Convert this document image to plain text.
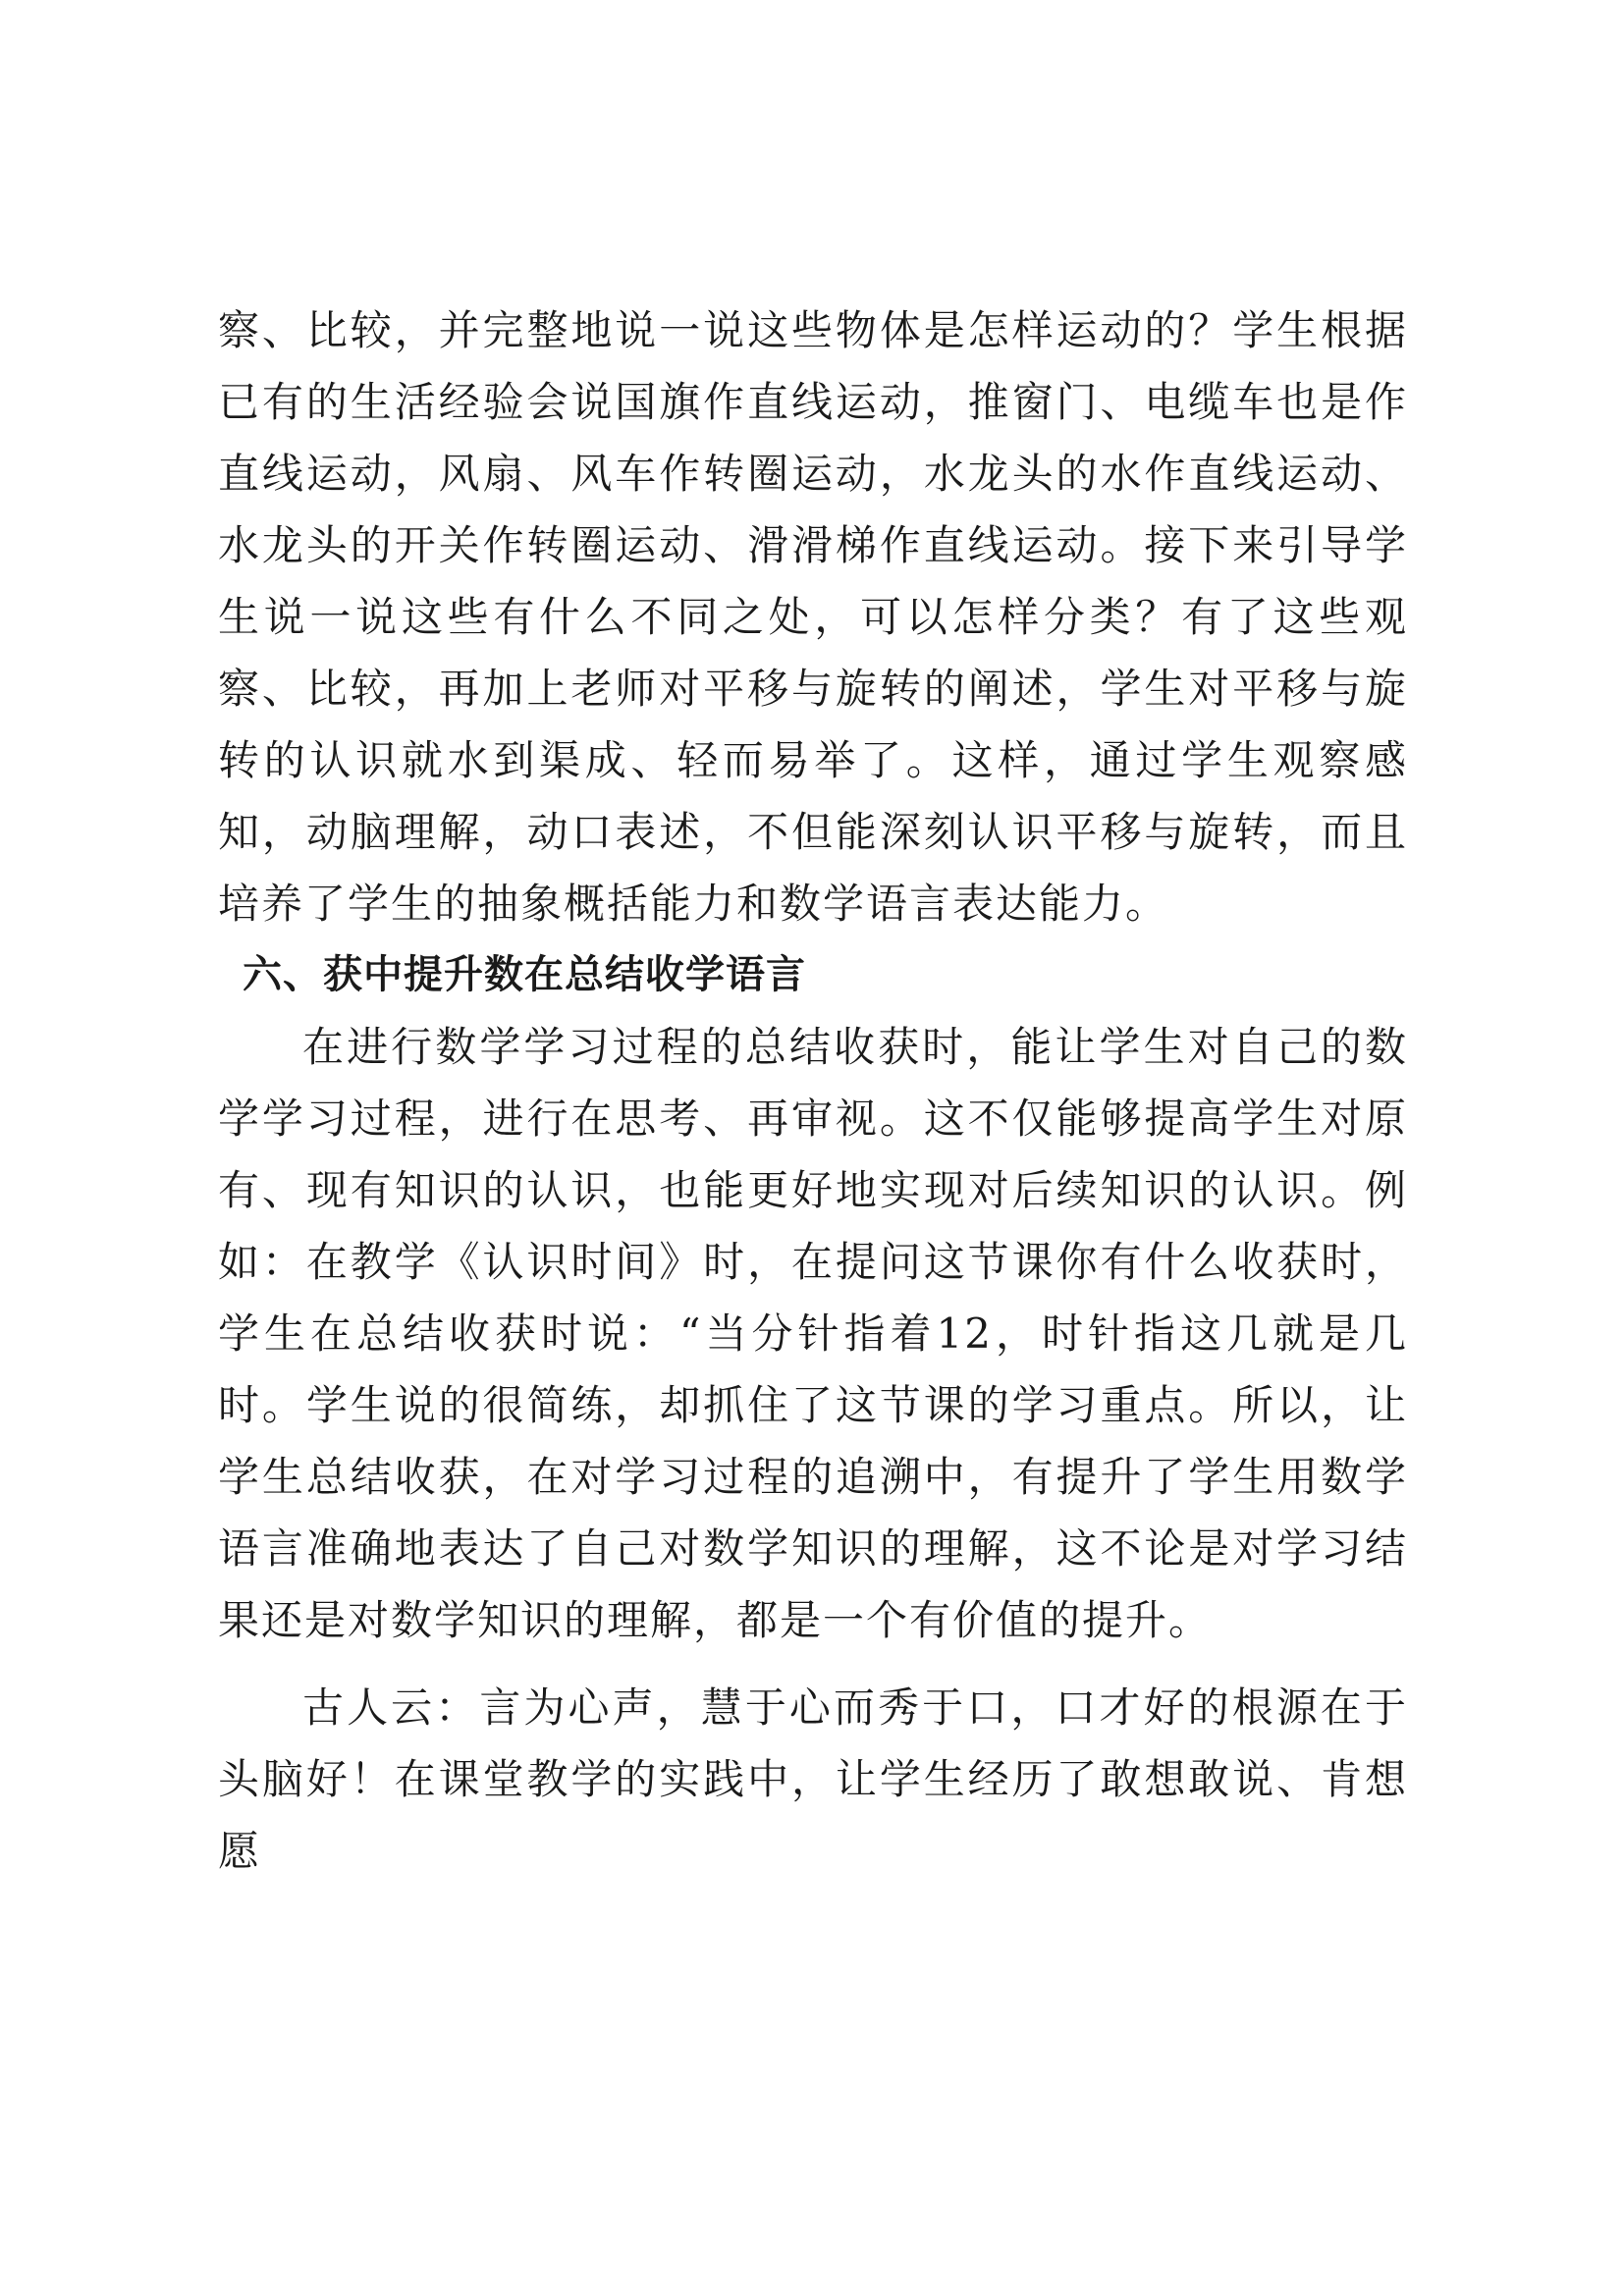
察、比较，并完整地说一说这些物体是怎样运动的？学生根据已有的生活经验会说国旗作直线运动，推窗门、电缆车也是作直线运动，风扇、风车作转圈运动，水龙头的水作直线运动、水龙头的开关作转圈运动、滑滑梯作直线运动。接下来引导学生说一说这些有什么不同之处，可以怎样分类？有了这些观察、比较，再加上老师对平移与旋转的阐述，学生对平移与旋转的认识就水到渠成、轻而易举了。这样，通过学生观察感知，动脑理解，动口表述，不但能深刻认识平移与旋转，而且培养了学生的抽象概括能力和数学语言表达能力。

六、获中提升数在总结收学语言

在进行数学学习过程的总结收获时，能让学生对自己的数学学习过程，进行在思考、再审视。这不仅能够提高学生对原有、现有知识的认识，也能更好地实现对后续知识的认识。例如：在教学《认识时间》时，在提问这节课你有什么收获时，学生在总结收获时说：“当分针指着12，时针指这几就是几时。学生说的很简练，却抓住了这节课的学习重点。所以，让学生总结收获，在对学习过程的追溯中，有提升了学生用数学语言准确地表达了自己对数学知识的理解，这不论是对学习结果还是对数学知识的理解，都是一个有价值的提升。

古人云：言为心声，慧于心而秀于口，口才好的根源在于头脑好！在课堂教学的实践中，让学生经历了敢想敢说、肯想愿
